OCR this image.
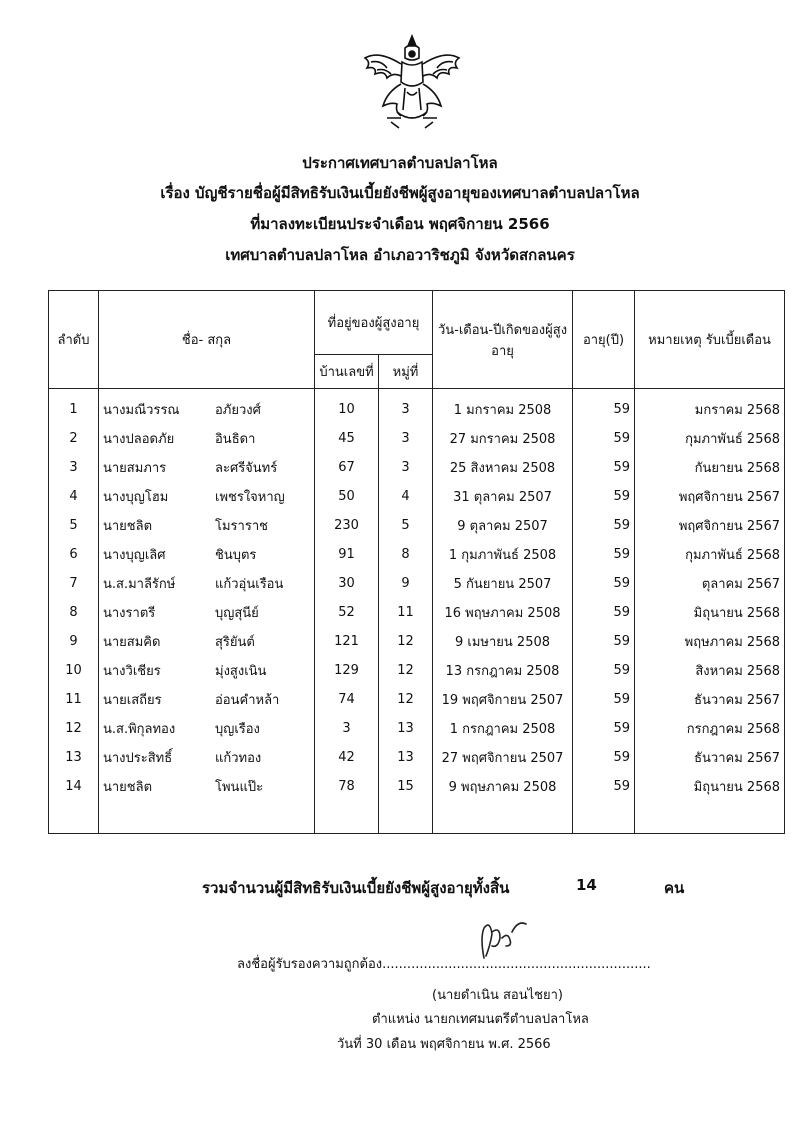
ประกาศเทศบาลตำบลปลาโหล
เรื่อง บัญชีรายชื่อผู้มีสิทธิรับเงินเบี้ยยังชีพผู้สูงอายุของเทศบาลตำบลปลาโหล
ที่มาลงทะเบียนประจำเดือน พฤศจิกายน 2566
เทศบาลตำบลปลาโหล อำเภอวาริชภูมิ จังหวัดสกลนคร
ลำดับ	ชื่อ- สกุล	ที่อยู่ของผู้สูงอายุ		วัน-เดือน-ปีเกิดของผู้สูงอายุ	อายุ(ปี)	หมายเหตุ รับเบี้ยเดือน
		บ้านเลขที่	หมู่ที่			
1	นางมณีวรรณ อภัยวงศ์	10	3	1 มกราคม 2508	59	มกราคม 2568
2	นางปลอดภัย อินธิดา	45	3	27 มกราคม 2508	59	กุมภาพันธ์ 2568
3	นายสมภาร ละศรีจันทร์	67	3	25 สิงหาคม 2508	59	กันยายน 2568
4	นางบุญโฮม เพชรใจหาญ	50	4	31 ตุลาคม 2507	59	พฤศจิกายน 2567
5	นายชลิต โมราราช	230	5	9 ตุลาคม 2507	59	พฤศจิกายน 2567
6	นางบุญเลิศ ชินบุตร	91	8	1 กุมภาพันธ์ 2508	59	กุมภาพันธ์ 2568
7	น.ส.มาลีรักษ์ แก้วอุ่นเรือน	30	9	5 กันยายน 2507	59	ตุลาคม 2567
8	นางราตรี บุญสุนีย์	52	11	16 พฤษภาคม 2508	59	มิถุนายน 2568
9	นายสมคิด สุริยันต์	121	12	9 เมษายน 2508	59	พฤษภาคม 2568
10	นางวิเชียร มุ่งสูงเนิน	129	12	13 กรกฎาคม 2508	59	สิงหาคม 2568
11	นายเสถียร อ่อนคำหล้า	74	12	19 พฤศจิกายน 2507	59	ธันวาคม 2567
12	น.ส.พิกุลทอง บุญเรือง	3	13	1 กรกฎาคม 2508	59	กรกฎาคม 2568
13	นางประสิทธิ์ แก้วทอง	42	13	27 พฤศจิกายน 2507	59	ธันวาคม 2567
14	นายชลิต โพนแป๊ะ	78	15	9 พฤษภาคม 2508	59	มิถุนายน 2568

รวมจำนวนผู้มีสิทธิรับเงินเบี้ยยังชีพผู้สูงอายุทั้งสิ้น	14	คน
ลงชื่อผู้รับรองความถูกต้อง.................................................................
(นายดำเนิน สอนไชยา)
ตำแหน่ง นายกเทศมนตรีตำบลปลาโหล
วันที่ 30 เดือน พฤศจิกายน พ.ศ. 2566
